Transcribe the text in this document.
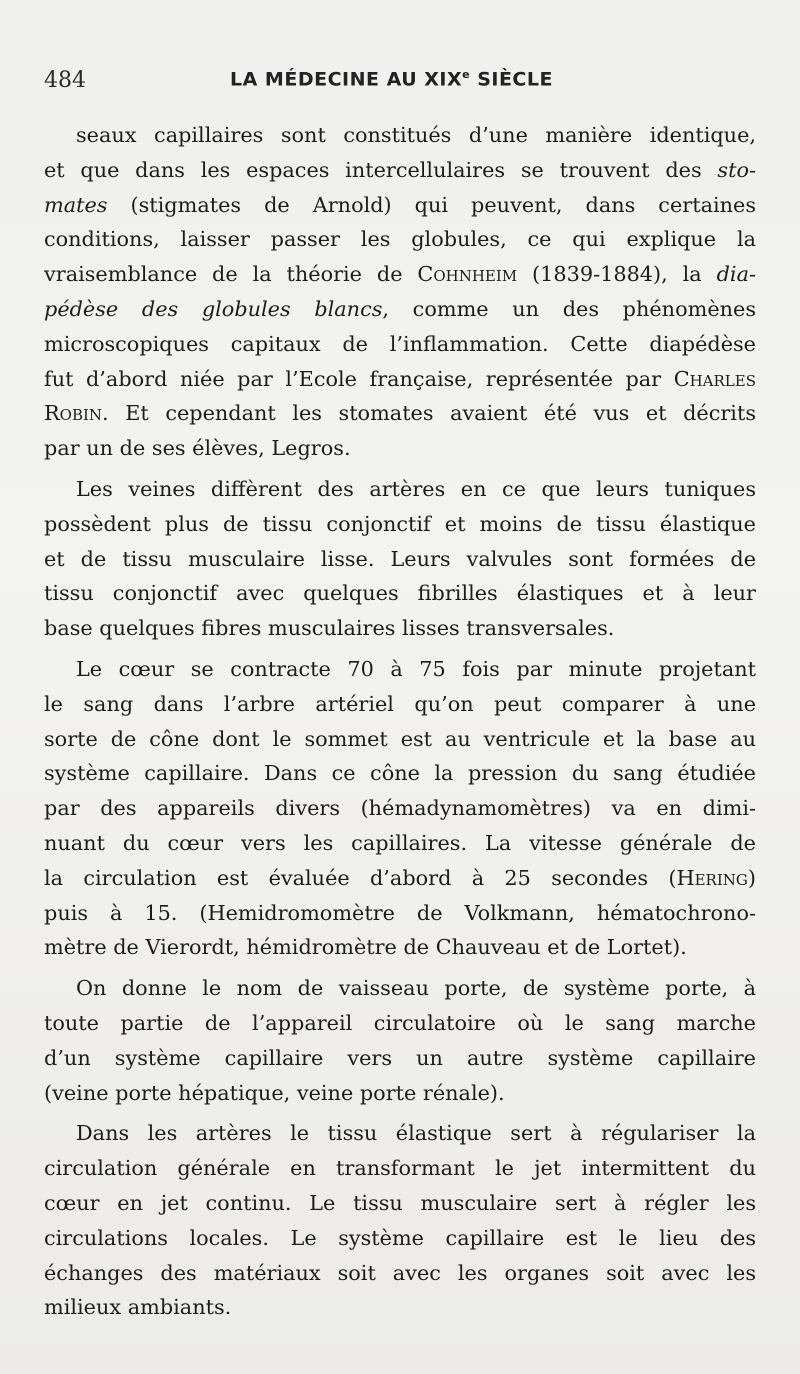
484	LA MÉDECINE AU XIXe SIÈCLE
seaux capillaires sont constitués d’une manière identique,
et que dans les espaces intercellulaires se trouvent des sto-
mates (stigmates de Arnold) qui peuvent, dans certaines
conditions, laisser passer les globules, ce qui explique la
vraisemblance de la théorie de Cohnheim (1839-1884), la dia-
pédèse des globules blancs, comme un des phénomènes
microscopiques capitaux de l’inflammation. Cette diapédèse
fut d’abord niée par l’Ecole française, représentée par Charles
Robin. Et cependant les stomates avaient été vus et décrits
par un de ses élèves, Legros.
Les veines diffèrent des artères en ce que leurs tuniques
possèdent plus de tissu conjonctif et moins de tissu élastique
et de tissu musculaire lisse. Leurs valvules sont formées de
tissu conjonctif avec quelques fibrilles élastiques et à leur
base quelques fibres musculaires lisses transversales.
Le cœur se contracte 70 à 75 fois par minute projetant
le sang dans l’arbre artériel qu’on peut comparer à une
sorte de cône dont le sommet est au ventricule et la base au
système capillaire. Dans ce cône la pression du sang étudiée
par des appareils divers (hémadynamomètres) va en dimi-
nuant du cœur vers les capillaires. La vitesse générale de
la circulation est évaluée d’abord à 25 secondes (Hering)
puis à 15. (Hemidromomètre de Volkmann, hématochrono-
mètre de Vierordt, hémidromètre de Chauveau et de Lortet).
On donne le nom de vaisseau porte, de système porte, à
toute partie de l’appareil circulatoire où le sang marche
d’un système capillaire vers un autre système capillaire
(veine porte hépatique, veine porte rénale).
Dans les artères le tissu élastique sert à régulariser la
circulation générale en transformant le jet intermittent du
cœur en jet continu. Le tissu musculaire sert à régler les
circulations locales. Le système capillaire est le lieu des
échanges des matériaux soit avec les organes soit avec les
milieux ambiants.
